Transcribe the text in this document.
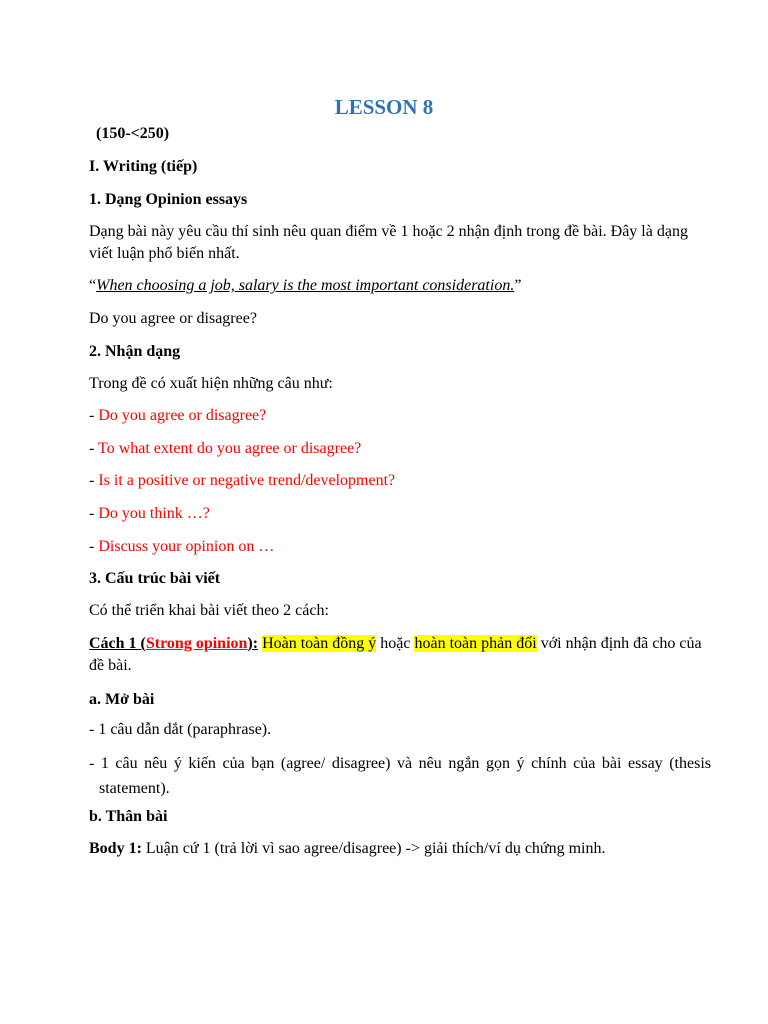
LESSON 8

(150-<250)

I. Writing (tiếp)

1. Dạng Opinion essays

Dạng bài này yêu cầu thí sinh nêu quan điểm về 1 hoặc 2 nhận định trong đề bài. Đây là dạng viết luận phổ biến nhất.

“When choosing a job, salary is the most important consideration.”

Do you agree or disagree?

2. Nhận dạng

Trong đề có xuất hiện những câu như:

- Do you agree or disagree?

- To what extent do you agree or disagree?

- Is it a positive or negative trend/development?

- Do you think …?

- Discuss your opinion on …

3. Cấu trúc bài viết

Có thể triển khai bài viết theo 2 cách:

Cách 1 (Strong opinion): Hoàn toàn đồng ý hoặc hoàn toàn phản đối với nhận định đã cho của đề bài.

a. Mở bài

- 1 câu dẫn dắt (paraphrase).

- 1 câu nêu ý kiến của bạn (agree/ disagree) và nêu ngắn gọn ý chính của bài essay (thesis statement).

b. Thân bài

Body 1: Luận cứ 1 (trả lời vì sao agree/disagree) -> giải thích/ví dụ chứng minh.
